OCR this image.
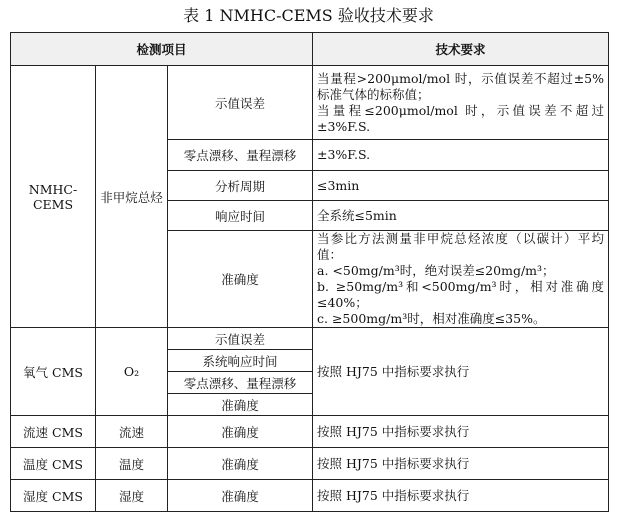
表 1 NMHC-CEMS 验收技术要求
检测项目			技术要求
NMHC-CEMS	非甲烷总烃	示值误差	当量程>200μmol/mol 时，示值误差不超过±5%标准气体的标称值；
当量程≤200μmol/mol 时，示值误差不超过±3%F.S.

		零点漂移、量程漂移	±3%F.S.
		分析周期	≤3min
		响应时间	全系统≤5min
		准确度	当参比方法测量非甲烷总烃浓度（以碳计）平均值：
a. <50mg/m³时，绝对误差≤20mg/m³；
b. ≥50mg/m³和<500mg/m³时，相对准确度≤40%；
c. ≥500mg/m³时，相对准确度≤35%。

氧气 CMS	O₂	示值误差	按照 HJ75 中指标要求执行
		系统响应时间	
		零点漂移、量程漂移	
		准确度	
流速 CMS	流速	准确度	按照 HJ75 中指标要求执行
温度 CMS	温度	准确度	按照 HJ75 中指标要求执行
湿度 CMS	湿度	准确度	按照 HJ75 中指标要求执行
